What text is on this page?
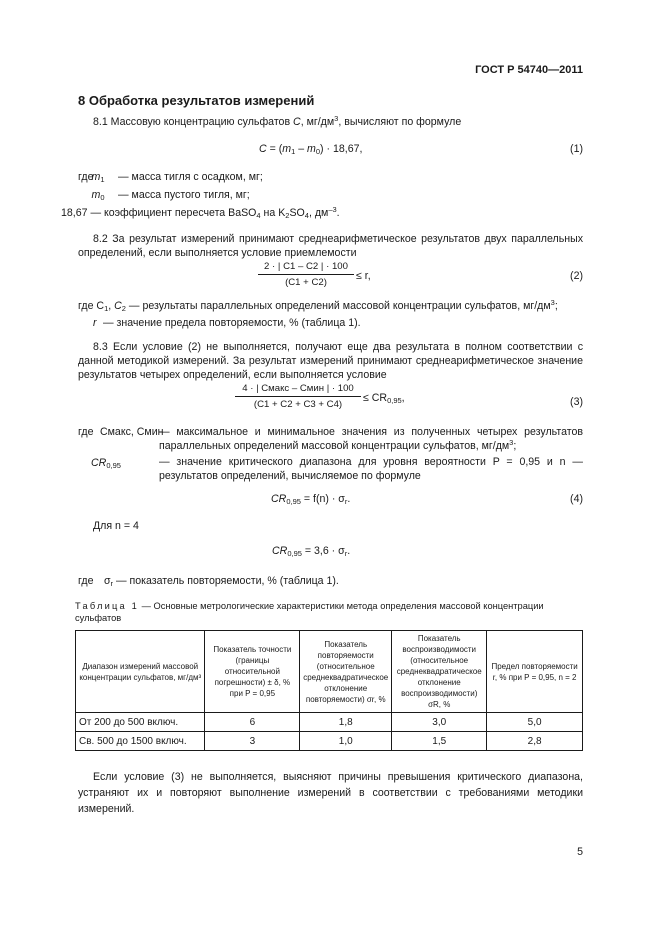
ГОСТ Р 54740—2011
8 Обработка результатов измерений
8.1 Массовую концентрацию сульфатов C, $мг/дм^3$, вычисляют по формуле
$C = (m_1 - m_0) \cdot 18,67$,	(1)
где
$m_1$	— масса тигля с осадком, мг;
$m_0$	— масса пустого тигля, мг;
18,67 — коэффициент пересчета BaSO$_4$ на $K_2SO_4$, $дм^{-3}$.
8.2 За результат измерений принимают среднеарифметическое результатов двух параллельных определений, если выполняется условие приемлемости
2 · | C1 – C2 | · 100
(C1 + C2)
≤ r,	(2)
где $C_1$, $C_2$ — результаты параллельных определений массовой концентрации сульфатов, $мг/дм^3$;
r — значение предела повторяемости, % (таблица 1).
8.3 Если условие (2) не выполняется, получают еще два результата в полном соответствии с данной методикой измерений. За результат измерений принимают среднеарифметическое значение результатов четырех определений, если выполняется условие
4 · | Cмакс – Cмин | · 100
(C1 + C2 + C3 + C4)
≤ $CR_{0,95}$,	(3)
где Cмакс, Cмин
— максимальное и минимальное значения из полученных четырех результатов параллельных определений массовой концентрации сульфатов, $мг/дм^3$;
$CR_{0,95}$	— значение критического диапазона для уровня вероятности P = 0,95 и n — результатов определений, вычисляемое по формуле
$CR_{0,95} = f(n) \cdot \sigma_r$.	(4)
Для n = 4
$CR_{0,95} = 3,6 \cdot \sigma_r$.
где $\sigma_r$ — показатель повторяемости, % (таблица 1).
Таблица 1 — Основные метрологические характеристики метода определения массовой концентрации сульфатов
Диапазон измерений массовой концентрации сульфатов, мг/дм³	Показатель точности (границы относительной погрешности) ± δ, % при P = 0,95	Показатель повторяемости (относительное среднеквадратическое отклонение повторяемости) σr, %	Показатель воспроизводимости (относительное среднеквадратическое отклонение воспроизводимости) σR, %	Предел повторяемости r, % при P = 0,95, n = 2
От 200 до 500 включ.	6	1,8	3,0	5,0
Св. 500 до 1500 включ.	3	1,0	1,5	2,8
Если условие (3) не выполняется, выясняют причины превышения критического диапазона, устраняют их и повторяют выполнение измерений в соответствии с требованиями методики измерений.
5
